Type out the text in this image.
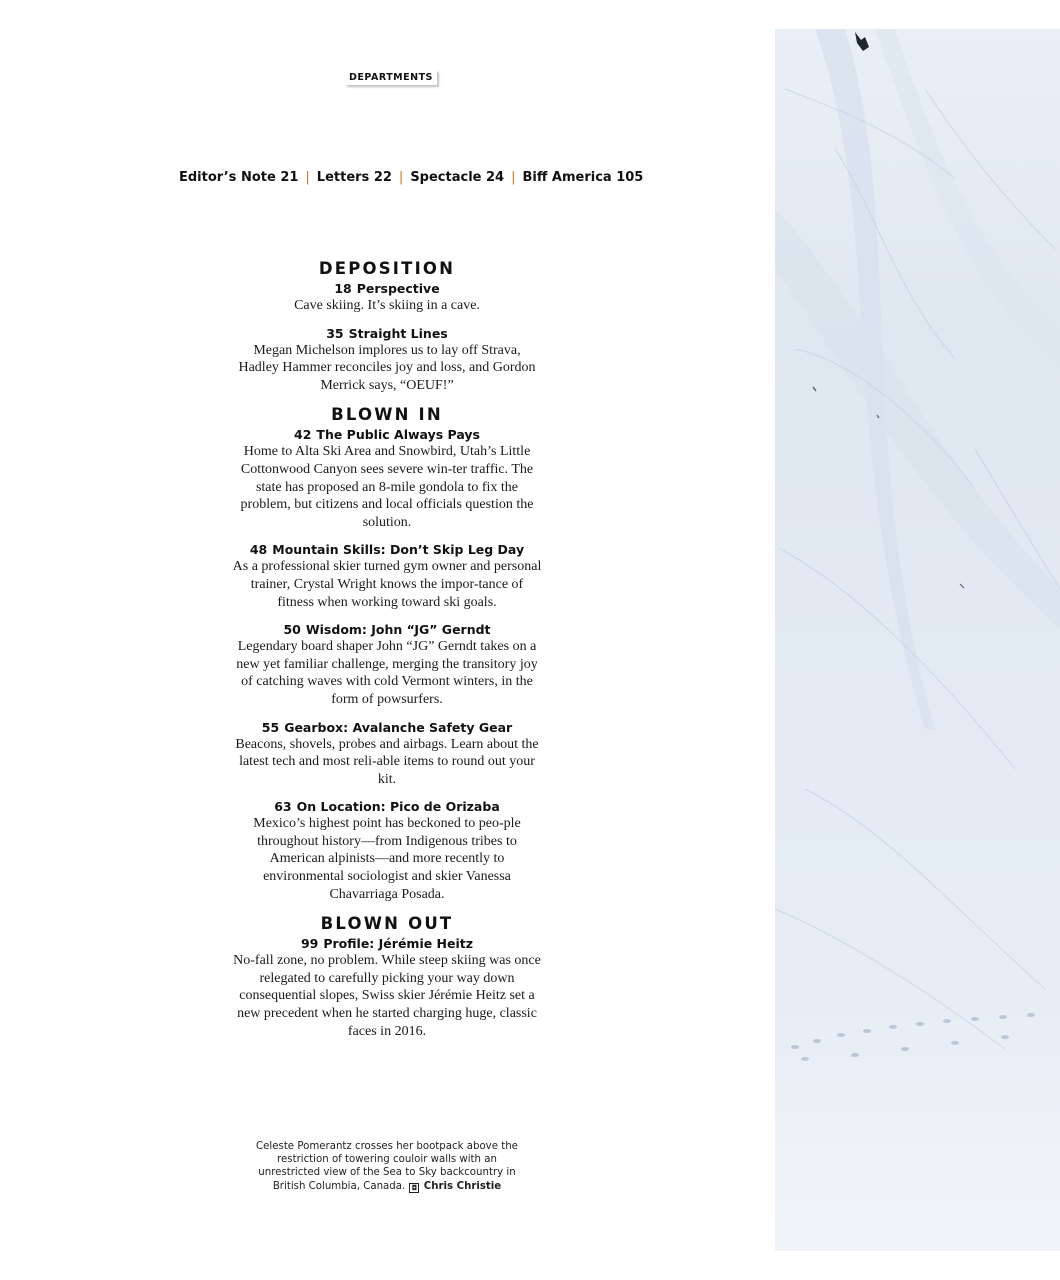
DEPARTMENTS
Editor’s Note 21 | Letters 22 | Spectacle 24 | Biff America 105
DEPOSITION
18 Perspective
Cave skiing. It’s skiing in a cave.
35 Straight Lines
Megan Michelson implores us to lay off Strava, Hadley Hammer reconciles joy and loss, and Gordon Merrick says, “OEUF!”
BLOWN IN
42 The Public Always Pays
Home to Alta Ski Area and Snowbird, Utah’s Little Cottonwood Canyon sees severe win-ter traffic. The state has proposed an 8-mile gondola to fix the problem, but citizens and local officials question the solution.
48 Mountain Skills: Don’t Skip Leg Day
As a professional skier turned gym owner and personal trainer, Crystal Wright knows the impor-tance of fitness when working toward ski goals.
50 Wisdom: John “JG” Gerndt
Legendary board shaper John “JG” Gerndt takes on a new yet familiar challenge, merging the transitory joy of catching waves with cold Vermont winters, in the form of powsurfers.
55 Gearbox: Avalanche Safety Gear
Beacons, shovels, probes and airbags. Learn about the latest tech and most reli-able items to round out your kit.
63 On Location: Pico de Orizaba
Mexico’s highest point has beckoned to peo-ple throughout history—from Indigenous tribes to American alpinists—and more recently to environmental sociologist and skier Vanessa Chavarriaga Posada.
BLOWN OUT
99 Profile: Jérémie Heitz
No-fall zone, no problem. While steep skiing was once relegated to carefully picking your way down consequential slopes, Swiss skier Jérémie Heitz set a new precedent when he started charging huge, classic faces in 2016.
Celeste Pomerantz crosses her bootpack above the restriction of towering couloir walls with an unrestricted view of the Sea to Sky backcountry in British Columbia, Canada. ◘ Chris Christie
